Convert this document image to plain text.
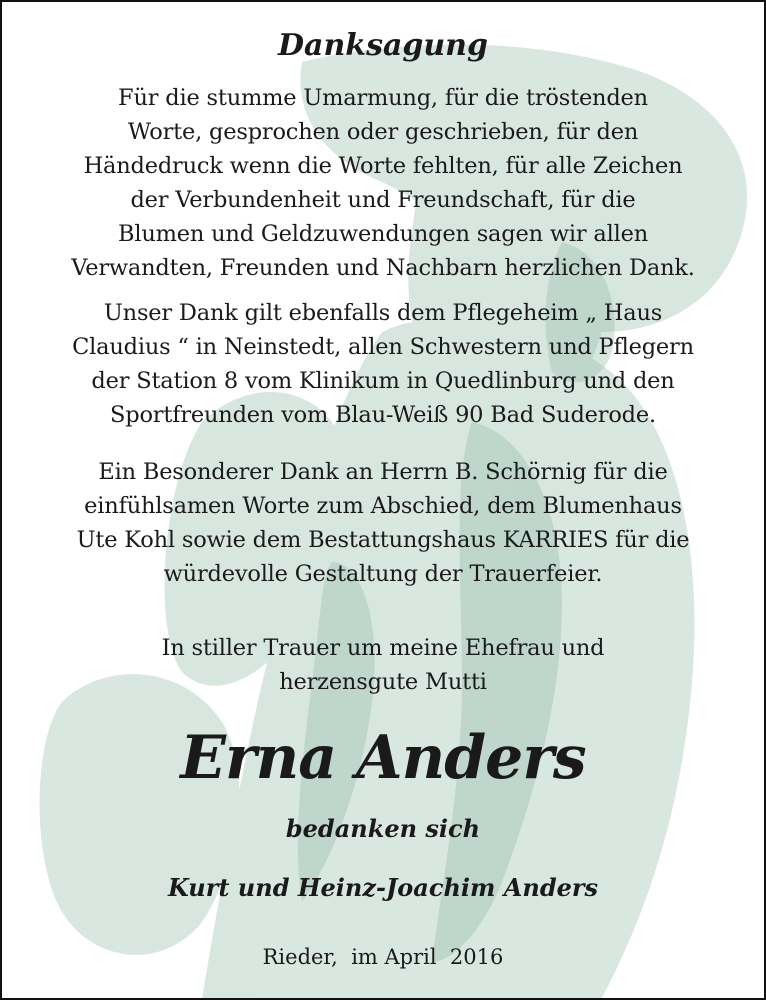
Danksagung
Für die stumme Umarmung, für die tröstenden
Worte, gesprochen oder geschrieben, für den
Händedruck wenn die Worte fehlten, für alle Zeichen
der Verbundenheit und Freundschaft, für die
Blumen und Geldzuwendungen sagen wir allen
Verwandten, Freunden und Nachbarn herzlichen Dank.
Unser Dank gilt ebenfalls dem Pflegeheim „ Haus
Claudius “ in Neinstedt, allen Schwestern und Pflegern
der Station 8 vom Klinikum in Quedlinburg und den
Sportfreunden vom Blau-Weiß 90 Bad Suderode.
Ein Besonderer Dank an Herrn B. Schörnig für die
einfühlsamen Worte zum Abschied, dem Blumenhaus
Ute Kohl sowie dem Bestattungshaus KARRIES für die
würdevolle Gestaltung der Trauerfeier.
In stiller Trauer um meine Ehefrau und
herzensgute Mutti
Erna Anders
bedanken sich
Kurt und Heinz-Joachim Anders
Rieder,  im April  2016
